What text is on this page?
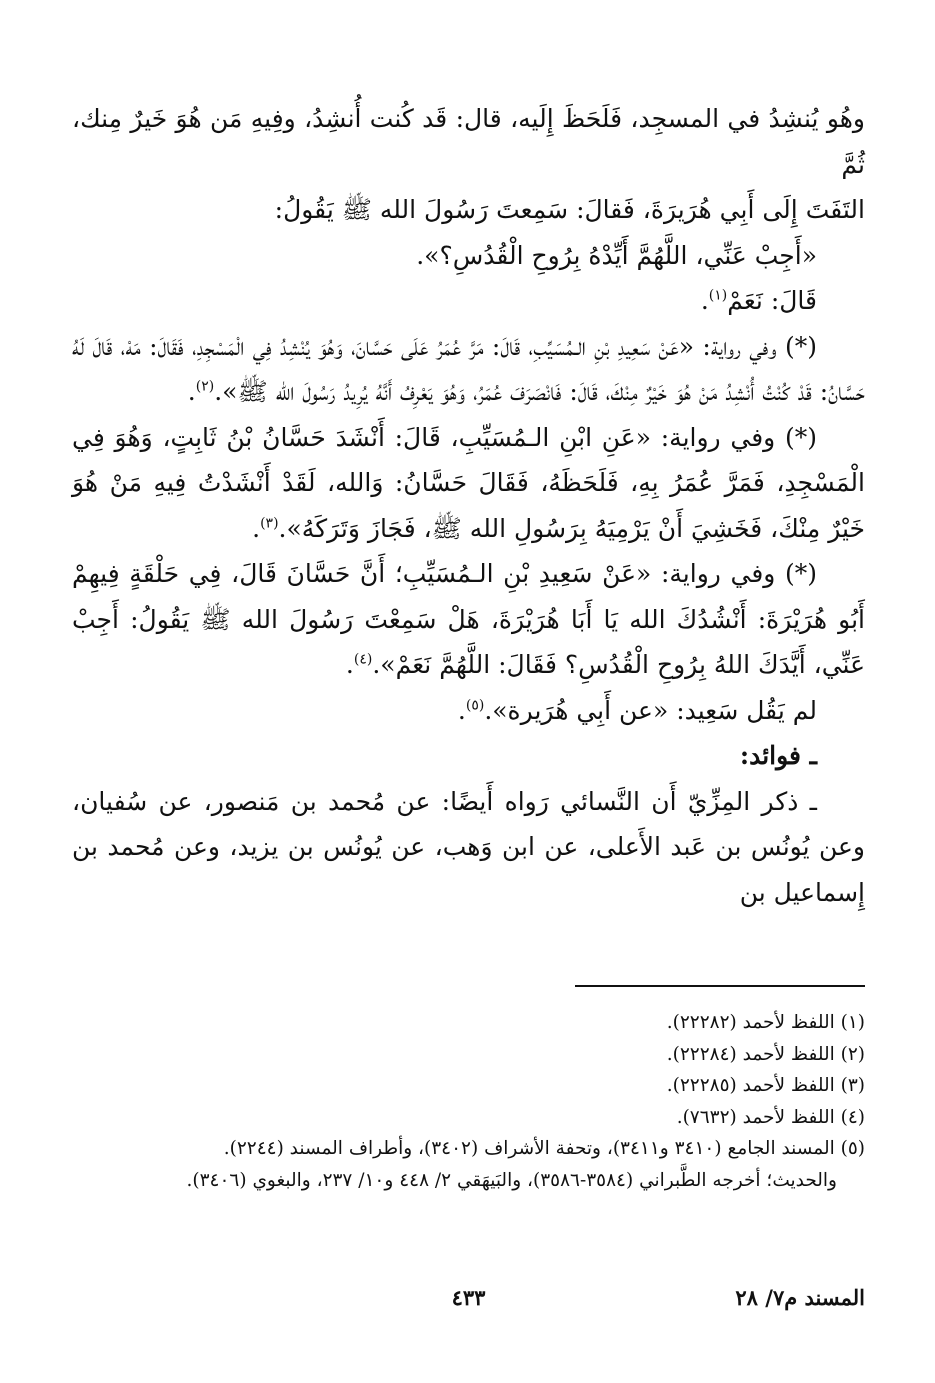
وهُو يُنشِدُ في المسجِد، فَلَحَظَ إِلَيه، قال: قَد كُنت أُنشِدُ، وفِيهِ مَن هُوَ خَيرٌ مِنك، ثُمَّ

التَفَتَ إِلَى أَبِي هُرَيرَةَ، فَقالَ: سَمِعتَ رَسُولَ الله ﷺ يَقُولُ:

«أَجِبْ عَنِّي، اللَّهُمَّ أَيِّدْهُ بِرُوحِ الْقُدُسِ؟».

قَالَ: نَعَمْ$^{(١)}$.

(*) وفي رواية: «عَنْ سَعِيدِ بْنِ الـمُسَيِّبِ، قَالَ: مَرَّ عُمَرُ عَلَى حَسَّانَ، وَهُوَ يُنْشِدُ فِي الْمَسْجِدِ، فَقَالَ: مَهْ، قَالَ لَهُ حَسَّانُ: قَدْ كُنْتُ أُنْشِدُ مَنْ هُوَ خَيْرٌ مِنْكَ، قَالَ: فَانْصَرَفَ عُمَرُ، وَهُوَ يَعْرِفُ أَنَّهُ يُرِيدُ رَسُولَ الله ﷺ».$^{(٢)}$.

(*) وفي رواية: «عَنِ ابْنِ الـمُسَيِّبِ، قَالَ: أَنْشَدَ حَسَّانُ بْنُ ثَابِتٍ، وَهُوَ فِي الْمَسْجِدِ، فَمَرَّ عُمَرُ بِهِ، فَلَحَظَهُ، فَقَالَ حَسَّانُ: وَالله، لَقَدْ أَنْشَدْتُ فِيهِ مَنْ هُوَ خَيْرٌ مِنْكَ، فَخَشِيَ أَنْ يَرْمِيَهُ بِرَسُولِ الله ﷺ، فَجَازَ وَتَرَكَهُ».$^{(٣)}$.

(*) وفي رواية: «عَنْ سَعِيدِ بْنِ الـمُسَيِّبِ؛ أَنَّ حَسَّانَ قَالَ، فِي حَلْقَةٍ فِيهِمْ أَبُو هُرَيْرَةَ: أَنْشُدُكَ الله يَا أَبَا هُرَيْرَةَ، هَلْ سَمِعْتَ رَسُولَ الله ﷺ يَقُولُ: أَجِبْ عَنِّي، أَيَّدَكَ اللهُ بِرُوحِ الْقُدُسِ؟ فَقَالَ: اللَّهُمَّ نَعَمْ».$^{(٤)}$.

لم يَقُل سَعِيد: «عن أَبِي هُرَيرة».$^{(٥)}$.

ـ فوائد:

ـ ذكر المِزِّيّ أَن النَّسائي رَواه أَيضًا: عن مُحمد بن مَنصور، عن سُفيان، وعن يُونُس بن عَبد الأَعلى، عن ابن وَهب، عن يُونُس بن يزيد، وعن مُحمد بن إِسماعيل بن

(١) اللفظ لأحمد (٢٢٢٨٢).

(٢) اللفظ لأحمد (٢٢٢٨٤).

(٣) اللفظ لأحمد (٢٢٢٨٥).

(٤) اللفظ لأحمد (٧٦٣٢).

(٥) المسند الجامع (٣٤١٠ و٣٤١١)، وتحفة الأشراف (٣٤٠٢)، وأطراف المسند (٢٢٤٤).

والحديث؛ أخرجه الطَّبراني (٣٥٨٤-٣٥٨٦)، والبَيهَقي ٢/ ٤٤٨ و١٠/ ٢٣٧، والبغوي (٣٤٠٦).

المسند م٧/ ٢٨
٤٣٣
